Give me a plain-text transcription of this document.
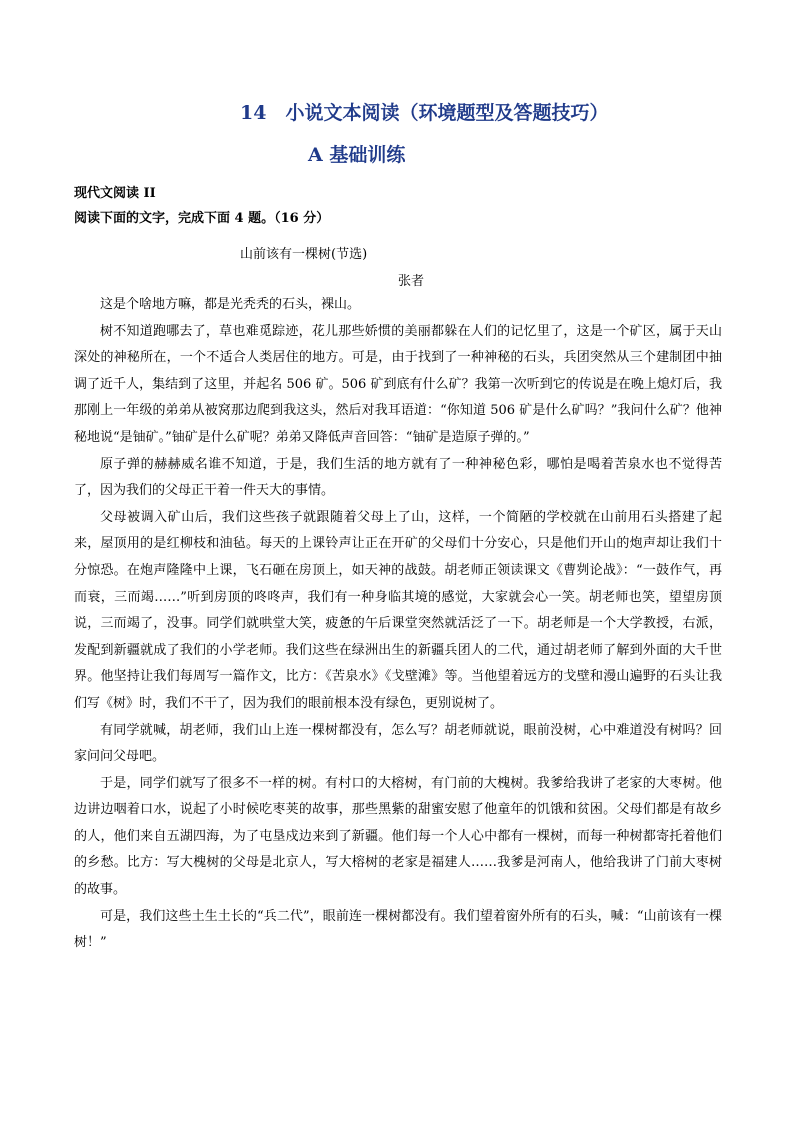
14　小说文本阅读（环境题型及答题技巧）
A 基础训练
现代文阅读 II
阅读下面的文字，完成下面 4 题。（16 分）
山前该有一棵树(节选)
张者

这是个啥地方嘛，都是光秃秃的石头，裸山。

树不知道跑哪去了，草也难觅踪迹，花儿那些娇惯的美丽都躲在人们的记忆里了，这是一个矿区，属于天山深处的神秘所在，一个不适合人类居住的地方。可是，由于找到了一种神秘的石头，兵团突然从三个建制团中抽调了近千人，集结到了这里，并起名 506 矿。506 矿到底有什么矿？我第一次听到它的传说是在晚上熄灯后，我那刚上一年级的弟弟从被窝那边爬到我这头，然后对我耳语道：“你知道 506 矿是什么矿吗？”我问什么矿？他神秘地说“是铀矿。”铀矿是什么矿呢？弟弟又降低声音回答：“铀矿是造原子弹的。”

原子弹的赫赫威名谁不知道，于是，我们生活的地方就有了一种神秘色彩，哪怕是喝着苦泉水也不觉得苦了，因为我们的父母正干着一件天大的事情。

父母被调入矿山后，我们这些孩子就跟随着父母上了山，这样，一个简陋的学校就在山前用石头搭建了起来，屋顶用的是红柳枝和油毡。每天的上课铃声让正在开矿的父母们十分安心，只是他们开山的炮声却让我们十分惊恐。在炮声隆隆中上课，飞石砸在房顶上，如天神的战鼓。胡老师正领读课文《曹刿论战》：“一鼓作气，再而衰，三而竭……”听到房顶的咚咚声，我们有一种身临其境的感觉，大家就会心一笑。胡老师也笑，望望房顶说，三而竭了，没事。同学们就哄堂大笑，疲惫的午后课堂突然就活泛了一下。胡老师是一个大学教授，右派，发配到新疆就成了我们的小学老师。我们这些在绿洲出生的新疆兵团人的二代，通过胡老师了解到外面的大千世界。他坚持让我们每周写一篇作文，比方：《苦泉水》《戈壁滩》等。当他望着远方的戈壁和漫山遍野的石头让我们写《树》时，我们不干了，因为我们的眼前根本没有绿色，更别说树了。

有同学就喊，胡老师，我们山上连一棵树都没有，怎么写？胡老师就说，眼前没树，心中难道没有树吗？回家问问父母吧。

于是，同学们就写了很多不一样的树。有村口的大榕树，有门前的大槐树。我爹给我讲了老家的大枣树。他边讲边咽着口水，说起了小时候吃枣荚的故事，那些黑紫的甜蜜安慰了他童年的饥饿和贫困。父母们都是有故乡的人，他们来自五湖四海，为了屯垦戍边来到了新疆。他们每一个人心中都有一棵树，而每一种树都寄托着他们的乡愁。比方：写大槐树的父母是北京人，写大榕树的老家是福建人……我爹是河南人，他给我讲了门前大枣树的故事。

可是，我们这些土生土长的“兵二代”，眼前连一棵树都没有。我们望着窗外所有的石头，喊：“山前该有一棵树！”
